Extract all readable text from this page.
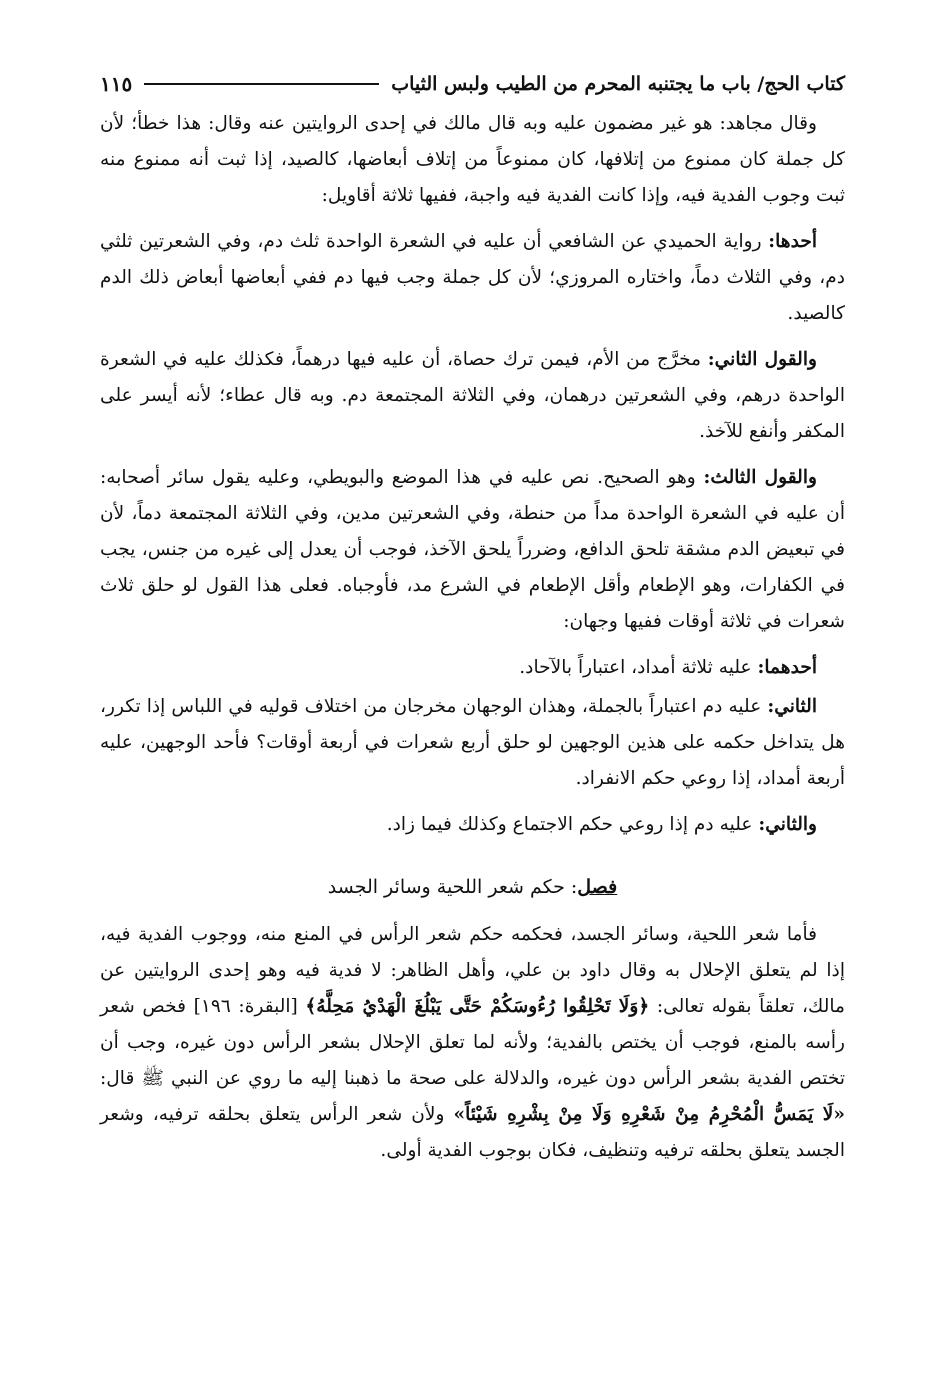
كتاب الحج/ باب ما يجتنبه المحرم من الطيب ولبس الثياب
١١٥

وقال مجاهد: هو غير مضمون عليه وبه قال مالك في إحدى الروايتين عنه وقال: هذا خطأ؛ لأن كل جملة كان ممنوع من إتلافها، كان ممنوعاً من إتلاف أبعاضها، كالصيد، إذا ثبت أنه ممنوع منه ثبت وجوب الفدية فيه، وإذا كانت الفدية فيه واجبة، ففيها ثلاثة أقاويل:

أحدها: رواية الحميدي عن الشافعي أن عليه في الشعرة الواحدة ثلث دم، وفي الشعرتين ثلثي دم، وفي الثلاث دماً، واختاره المروزي؛ لأن كل جملة وجب فيها دم ففي أبعاضها أبعاض ذلك الدم كالصيد.

والقول الثاني: مخرَّج من الأم، فيمن ترك حصاة، أن عليه فيها درهماً، فكذلك عليه في الشعرة الواحدة درهم، وفي الشعرتين درهمان، وفي الثلاثة المجتمعة دم. وبه قال عطاء؛ لأنه أيسر على المكفر وأنفع للآخذ.

والقول الثالث: وهو الصحيح. نص عليه في هذا الموضع والبويطي، وعليه يقول سائر أصحابه: أن عليه في الشعرة الواحدة مداً من حنطة، وفي الشعرتين مدين، وفي الثلاثة المجتمعة دماً، لأن في تبعيض الدم مشقة تلحق الدافع، وضرراً يلحق الآخذ، فوجب أن يعدل إلى غيره من جنس، يجب في الكفارات، وهو الإطعام وأقل الإطعام في الشرع مد، فأوجباه. فعلى هذا القول لو حلق ثلاث شعرات في ثلاثة أوقات ففيها وجهان:

أحدهما: عليه ثلاثة أمداد، اعتباراً بالآحاد.

الثاني: عليه دم اعتباراً بالجملة، وهذان الوجهان مخرجان من اختلاف قوليه في اللباس إذا تكرر، هل يتداخل حكمه على هذين الوجهين لو حلق أربع شعرات في أربعة أوقات؟ فأحد الوجهين، عليه أربعة أمداد، إذا روعي حكم الانفراد.

والثاني: عليه دم إذا روعي حكم الاجتماع وكذلك فيما زاد.

فصل: حكم شعر اللحية وسائر الجسد

فأما شعر اللحية، وسائر الجسد، فحكمه حكم شعر الرأس في المنع منه، ووجوب الفدية فيه، إذا لم يتعلق الإحلال به وقال داود بن علي، وأهل الظاهر: لا فدية فيه وهو إحدى الروايتين عن مالك، تعلقاً بقوله تعالى: ﴿وَلَا تَحْلِقُوا رُءُوسَكُمْ حَتَّى يَبْلُغَ الْهَدْيُ مَحِلَّهُ﴾ [البقرة: ١٩٦] فخص شعر رأسه بالمنع، فوجب أن يختص بالفدية؛ ولأنه لما تعلق الإحلال بشعر الرأس دون غيره، وجب أن تختص الفدية بشعر الرأس دون غيره، والدلالة على صحة ما ذهبنا إليه ما روي عن النبي ﷺ قال: «لَا يَمَسُّ الْمُحْرِمُ مِنْ شَعْرِهِ وَلَا مِنْ بِشْرِهِ شَيْئاً» ولأن شعر الرأس يتعلق بحلقه ترفيه، وشعر الجسد يتعلق بحلقه ترفيه وتنظيف، فكان بوجوب الفدية أولى.
